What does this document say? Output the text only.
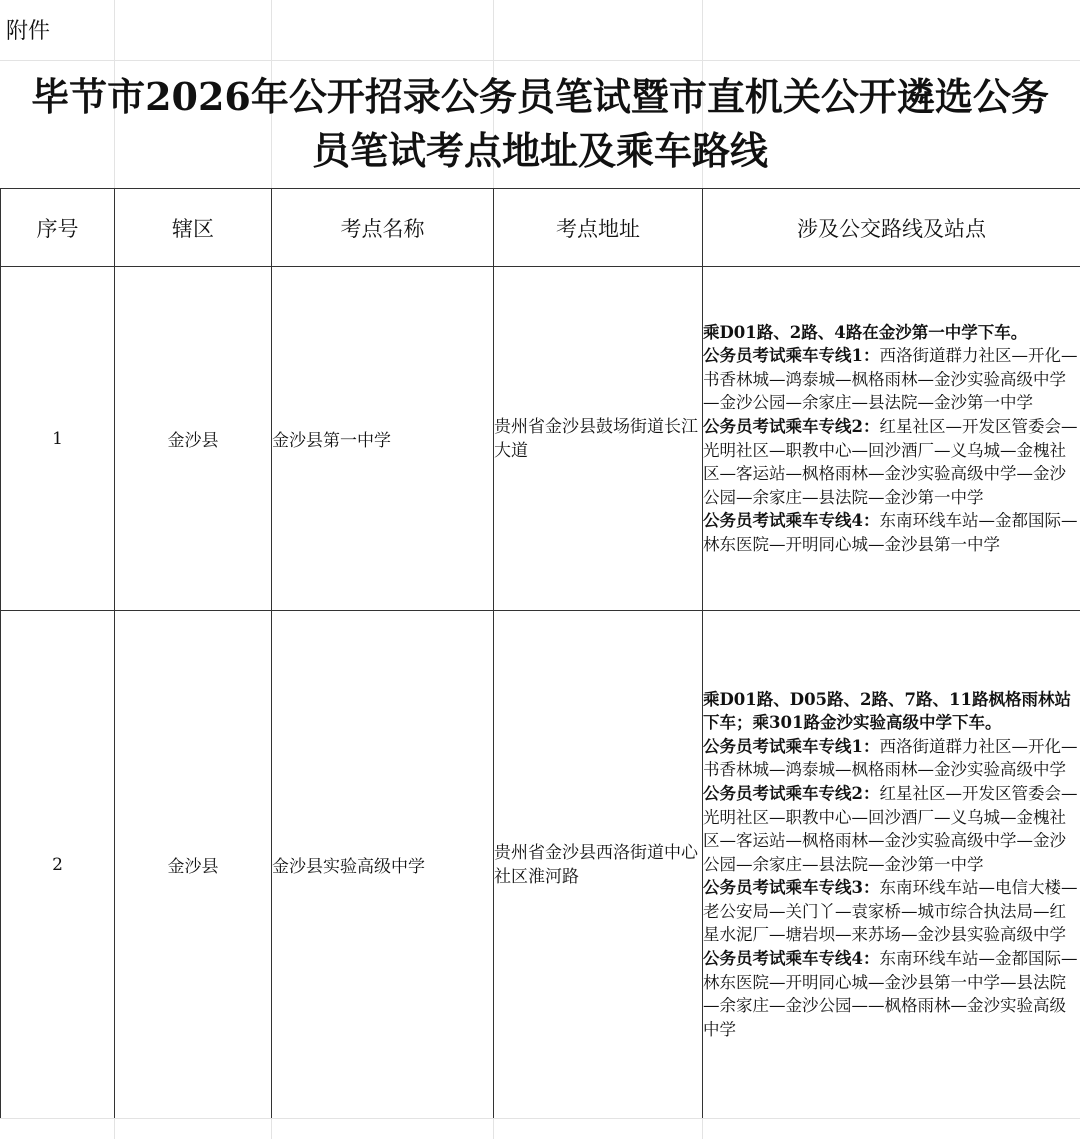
附件
毕节市2026年公开招录公务员笔试暨市直机关公开遴选公务
员笔试考点地址及乘车路线
序号	辖区	考点名称	考点地址	涉及公交路线及站点
1	金沙县	金沙县第一中学	贵州省金沙县鼓场街道长江大道	乘D01路、2路、4路在金沙第一中学下车。
公务员考试乘车专线1：西洛街道群力社区—开化—书香林城—鸿泰城—枫格雨林—金沙实验高级中学—金沙公园—余家庄—县法院—金沙第一中学
公务员考试乘车专线2：红星社区—开发区管委会—光明社区—职教中心—回沙酒厂—义乌城—金槐社区—客运站—枫格雨林—金沙实验高级中学—金沙公园—余家庄—县法院—金沙第一中学
公务员考试乘车专线4：东南环线车站—金都国际—林东医院—开明同心城—金沙县第一中学

2	金沙县	金沙县实验高级中学	贵州省金沙县西洛街道中心社区淮河路	乘D01路、D05路、2路、7路、11路枫格雨林站下车；乘301路金沙实验高级中学下车。
公务员考试乘车专线1：西洛街道群力社区—开化—书香林城—鸿泰城—枫格雨林—金沙实验高级中学
公务员考试乘车专线2：红星社区—开发区管委会—光明社区—职教中心—回沙酒厂—义乌城—金槐社区—客运站—枫格雨林—金沙实验高级中学—金沙公园—余家庄—县法院—金沙第一中学
公务员考试乘车专线3：东南环线车站—电信大楼—老公安局—关门丫—袁家桥—城市综合执法局—红星水泥厂—塘岩坝—来苏场—金沙县实验高级中学
公务员考试乘车专线4：东南环线车站—金都国际—林东医院—开明同心城—金沙县第一中学—县法院—余家庄—金沙公园——枫格雨林—金沙实验高级中学
